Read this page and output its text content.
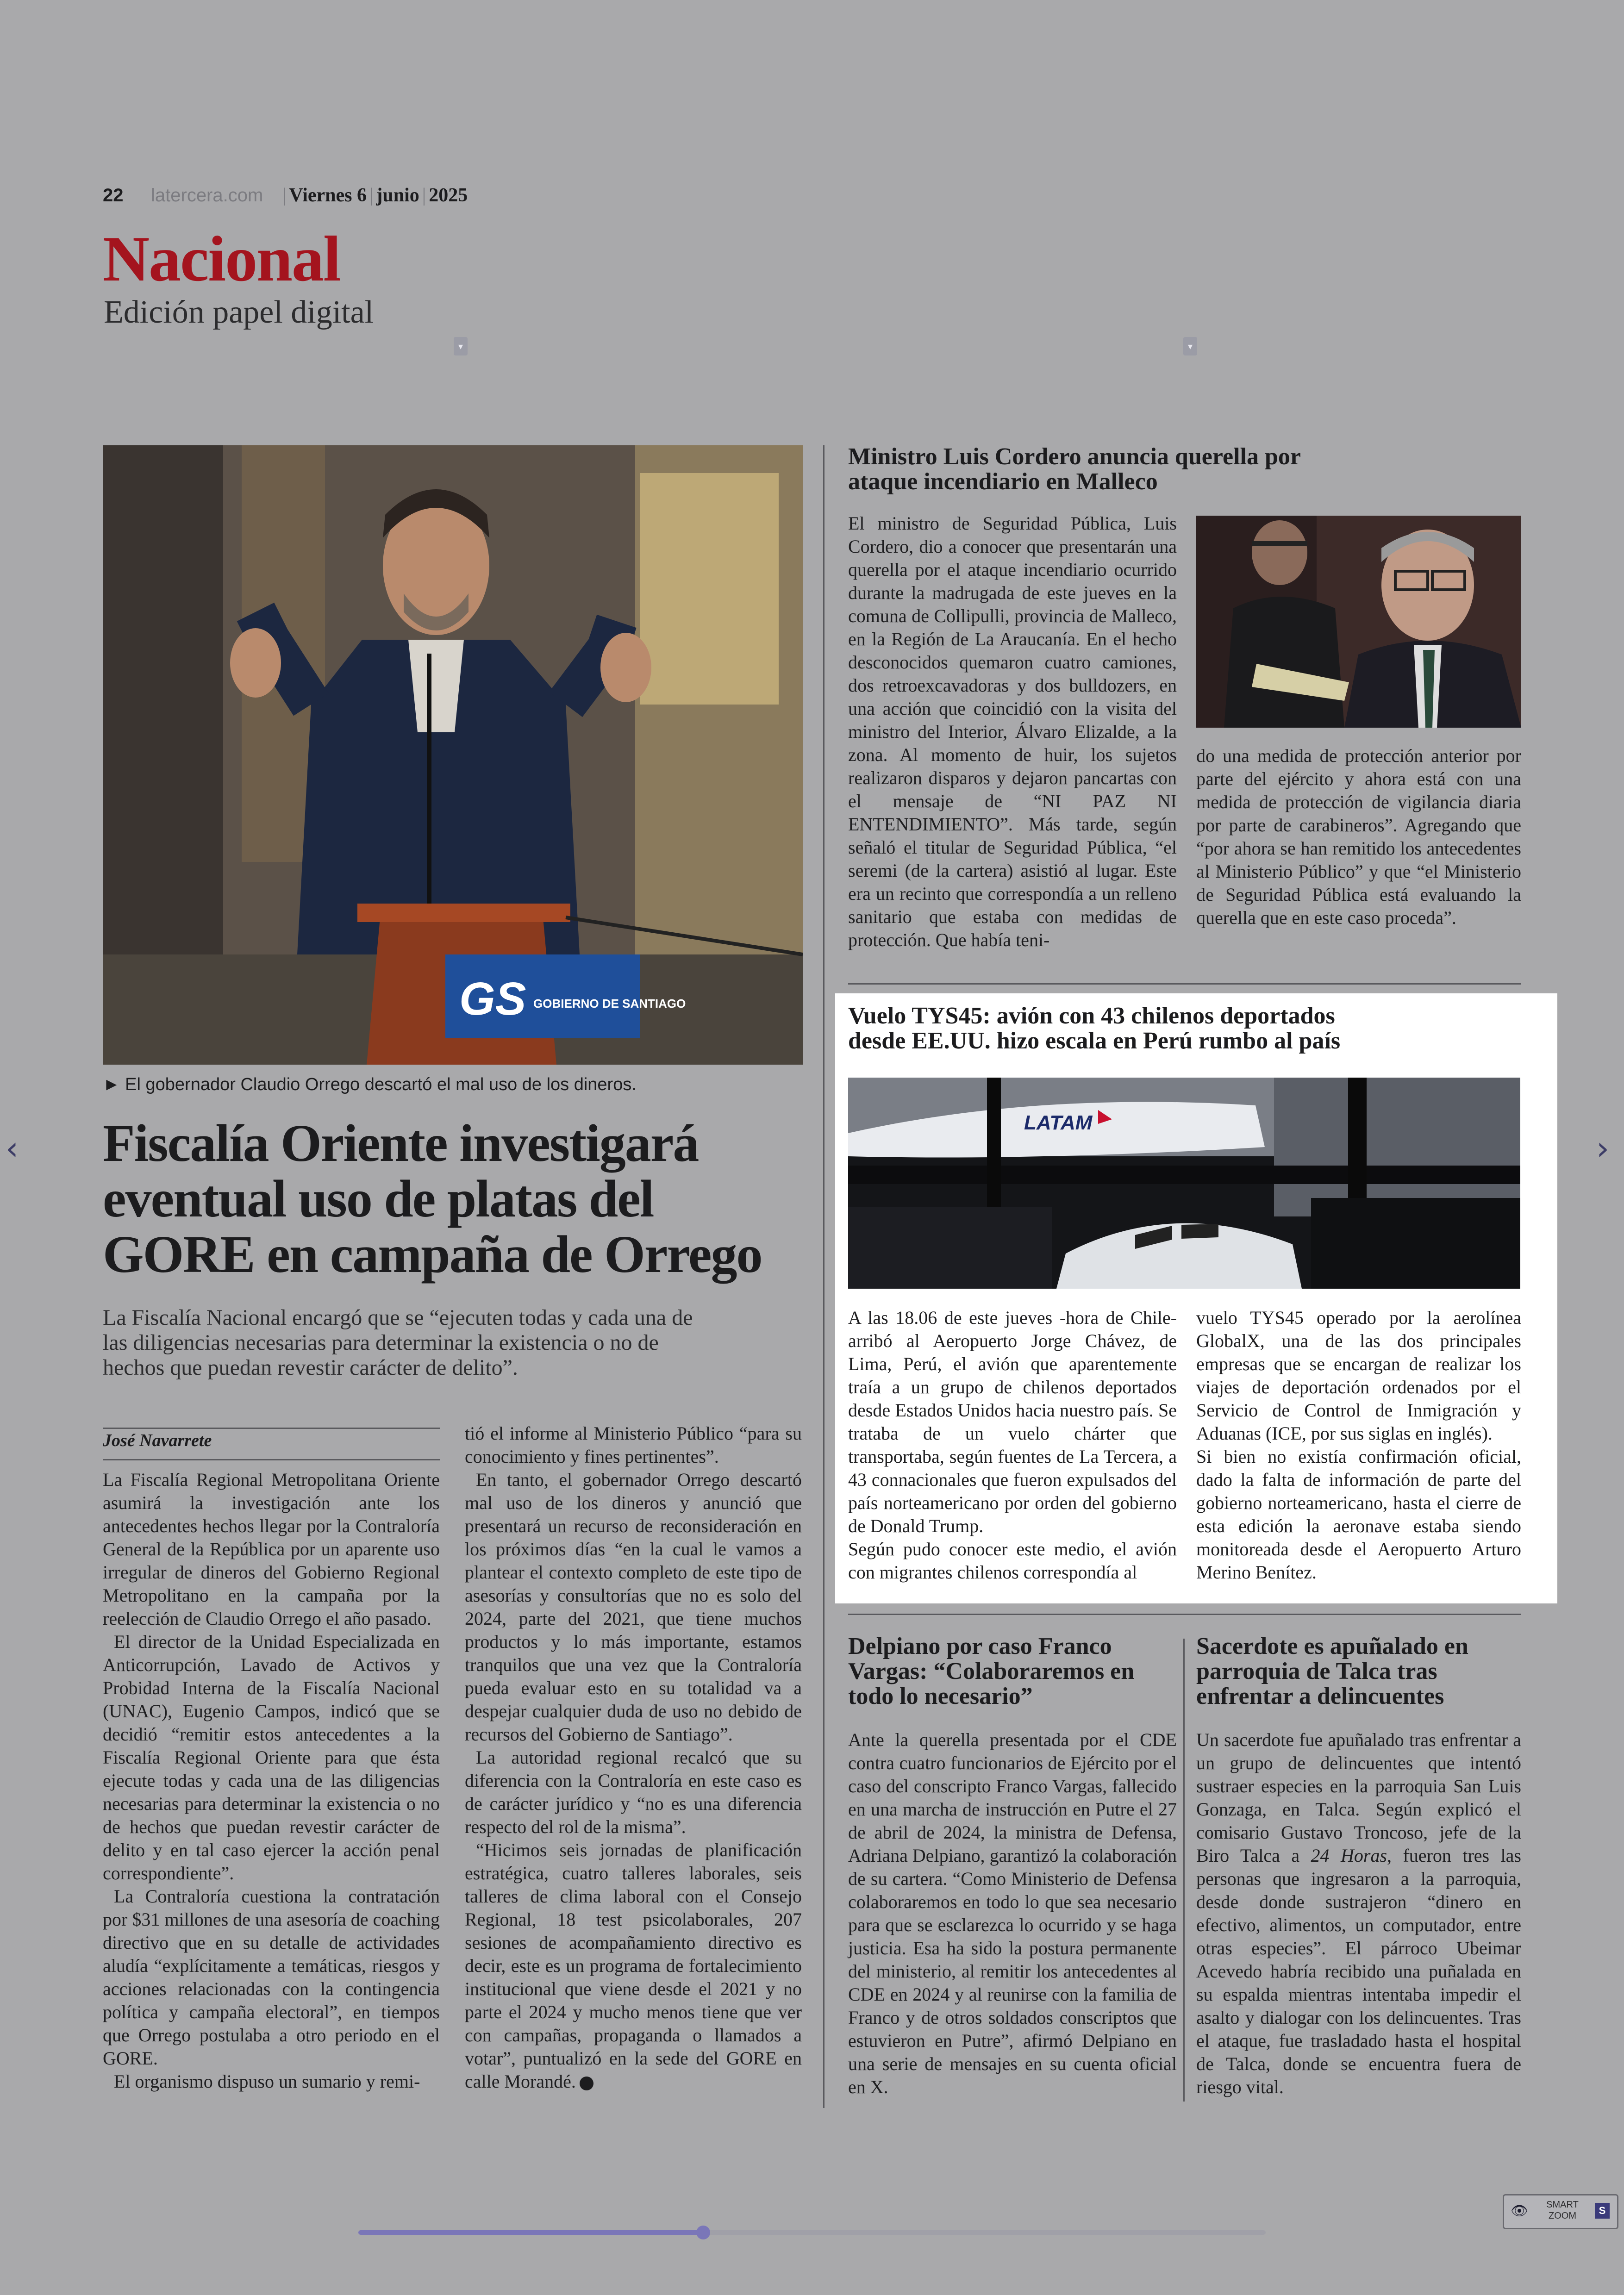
22 latercera.com | Viernes 6 | junio | 2025
Nacional
Edición papel digital
▾	▾
GS GOBIERNO DE SANTIAGO
► El gobernador Claudio Orrego descartó el mal uso de los dineros.
Fiscalía Oriente investigará eventual uso de platas del GORE en campaña de Orrego
La Fiscalía Nacional encargó que se “ejecuten todas y cada una de las diligencias necesarias para determinar la existencia o no de hechos que puedan revestir carácter de delito”.
José Navarrete

La Fiscalía Regional Metropolitana Oriente asumirá la investigación ante los antecedentes hechos llegar por la Contraloría General de la República por un aparente uso irregular de dineros del Gobierno Regional Metropolitano en la campaña por la reelección de Claudio Orrego el año pasado.

El director de la Unidad Especializada en Anticorrupción, Lavado de Activos y Probidad Interna de la Fiscalía Nacional (UNAC), Eugenio Campos, indicó que se decidió “remitir estos antecedentes a la Fiscalía Regional Oriente para que ésta ejecute todas y cada una de las diligencias necesarias para determinar la existencia o no de hechos que puedan revestir carácter de delito y en tal caso ejercer la acción penal correspondiente”.

La Contraloría cuestiona la contratación por $31 millones de una asesoría de coaching directivo que en su detalle de actividades aludía “explícitamente a temáticas, riesgos y acciones relacionadas con la contingencia política y campaña electoral”, en tiempos que Orrego postulaba a otro periodo en el GORE.

El organismo dispuso un sumario y remi-

tió el informe al Ministerio Público “para su conocimiento y fines pertinentes”.

En tanto, el gobernador Orrego descartó mal uso de los dineros y anunció que presentará un recurso de reconsideración en los próximos días “en la cual le vamos a plantear el contexto completo de este tipo de asesorías y consultorías que no es solo del 2024, parte del 2021, que tiene muchos productos y lo más importante, estamos tranquilos que una vez que la Contraloría pueda evaluar esto en su totalidad va a despejar cualquier duda de uso no debido de recursos del Gobierno de Santiago”.

La autoridad regional recalcó que su diferencia con la Contraloría en este caso es de carácter jurídico y “no es una diferencia respecto del rol de la misma”.

“Hicimos seis jornadas de planificación estratégica, cuatro talleres laborales, seis talleres de clima laboral con el Consejo Regional, 18 test psicolaborales, 207 sesiones de acompañamiento directivo es decir, este es un programa de fortalecimiento institucional que viene desde el 2021 y no parte el 2024 y mucho menos tiene que ver con campañas, propaganda o llamados a votar”, puntualizó en la sede del GORE en calle Morandé.

Ministro Luis Cordero anuncia querella por ataque incendiario en Malleco

El ministro de Seguridad Pública, Luis Cordero, dio a conocer que presentarán una querella por el ataque incendiario ocurrido durante la madrugada de este jueves en la comuna de Collipulli, provincia de Malleco, en la Región de La Araucanía. En el hecho desconocidos quemaron cuatro camiones, dos retroexcavadoras y dos bulldozers, en una acción que coincidió con la visita del ministro del Interior, Álvaro Elizalde, a la zona. Al momento de huir, los sujetos realizaron disparos y dejaron pancartas con el mensaje de “NI PAZ NI ENTENDIMIENTO”. Más tarde, según señaló el titular de Seguridad Pública, “el seremi (de la cartera) asistió al lugar. Este era un recinto que correspondía a un relleno sanitario que estaba con medidas de protección. Que había teni-

do una medida de protección anterior por parte del ejército y ahora está con una medida de protección de vigilancia diaria por parte de carabineros”. Agregando que “por ahora se han remitido los antecedentes al Ministerio Público” y que “el Ministerio de Seguridad Pública está evaluando la querella que en este caso proceda”.

Vuelo TYS45: avión con 43 chilenos deportados desde EE.UU. hizo escala en Perú rumbo al país
LATAM

A las 18.06 de este jueves -hora de Chile- arribó al Aeropuerto Jorge Chávez, de Lima, Perú, el avión que aparentemente traía a un grupo de chilenos deportados desde Estados Unidos hacia nuestro país. Se trataba de un vuelo chárter que transportaba, según fuentes de La Tercera, a 43 connacionales que fueron expulsados del país norteamericano por orden del gobierno de Donald Trump.

Según pudo conocer este medio, el avión con migrantes chilenos correspondía al

vuelo TYS45 operado por la aerolínea GlobalX, una de las dos principales empresas que se encargan de realizar los viajes de deportación ordenados por el Servicio de Control de Inmigración y Aduanas (ICE, por sus siglas en inglés).

Si bien no existía confirmación oficial, dado la falta de información de parte del gobierno norteamericano, hasta el cierre de esta edición la aeronave estaba siendo monitoreada desde el Aeropuerto Arturo Merino Benítez.

Delpiano por caso Franco Vargas: “Colaboraremos en todo lo necesario”

Ante la querella presentada por el CDE contra cuatro funcionarios de Ejército por el caso del conscripto Franco Vargas, fallecido en una marcha de instrucción en Putre el 27 de abril de 2024, la ministra de Defensa, Adriana Delpiano, garantizó la colaboración de su cartera. “Como Ministerio de Defensa colaboraremos en todo lo que sea necesario para que se esclarezca lo ocurrido y se haga justicia. Esa ha sido la postura permanente del ministerio, al remitir los antecedentes al CDE en 2024 y al reunirse con la familia de Franco y de otros soldados conscriptos que estuvieron en Putre”, afirmó Delpiano en una serie de mensajes en su cuenta oficial en X.

Sacerdote es apuñalado en parroquia de Talca tras enfrentar a delincuentes

Un sacerdote fue apuñalado tras enfrentar a un grupo de delincuentes que intentó sustraer especies en la parroquia San Luis Gonzaga, en Talca. Según explicó el comisario Gustavo Troncoso, jefe de la Biro Talca a 24 Horas, fueron tres las personas que ingresaron a la parroquia, desde donde sustrajeron “dinero en efectivo, alimentos, un computador, entre otras especies”. El párroco Ubeimar Acevedo habría recibido una puñalada en su espalda mientras intentaba impedir el asalto y dialogar con los delincuentes. Tras el ataque, fue trasladado hasta el hospital de Talca, donde se encuentra fuera de riesgo vital.

‹	›
👁 SMART
ZOOM	S
